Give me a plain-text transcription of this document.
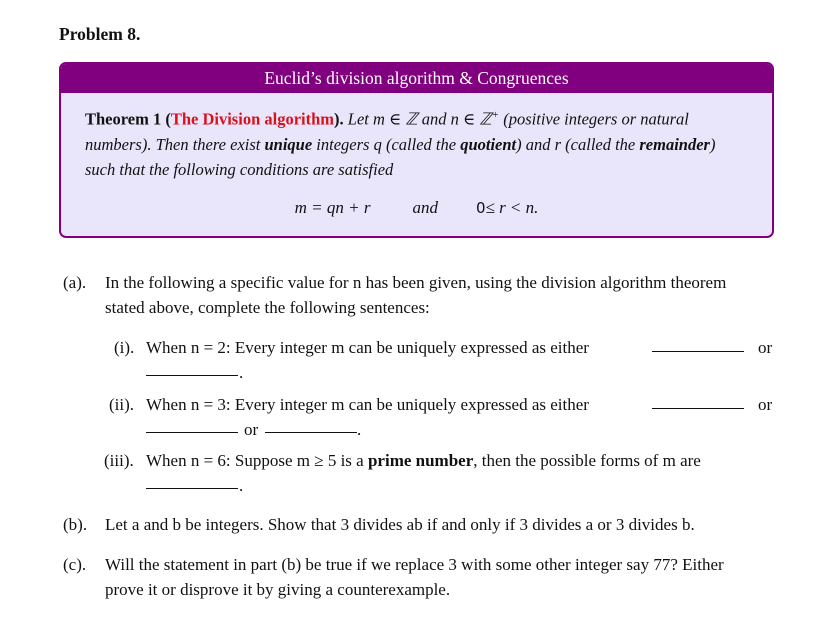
Problem 8.
Euclid’s division algorithm & Congruences
Theorem 1 (The Division algorithm). Let m ∈ ℤ and n ∈ ℤ+ (positive integers or natural
numbers). Then there exist unique integers q (called the quotient) and r (called the remainder)
such that the following conditions are satisfied
m = qn + r and	0≤ r < n.
(a). In the following a specific value for n has been given, using the division algorithm theorem
stated above, complete the following sentences:
(i). When n = 2: Every integer m can be uniquely expressed as either	or
.
(ii). When n = 3: Every integer m can be uniquely expressed as either	or
or	.
(iii). When n = 6: Suppose m ≥ 5 is a prime number, then the possible forms of m are
.
(b). Let a and b be integers. Show that 3 divides ab if and only if 3 divides a or 3 divides b.
(c). Will the statement in part (b) be true if we replace 3 with some other integer say 77? Either
prove it or disprove it by giving a counterexample.
